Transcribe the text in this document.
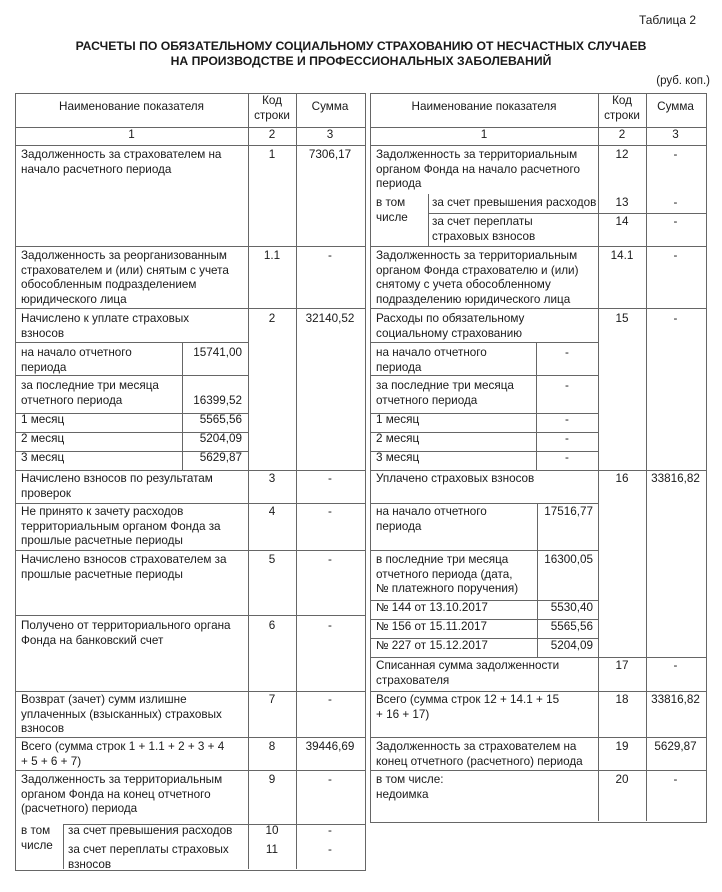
Таблица 2
РАСЧЕТЫ ПО ОБЯЗАТЕЛЬНОМУ СОЦИАЛЬНОМУ СТРАХОВАНИЮ ОТ НЕСЧАСТНЫХ СЛУЧАЕВ
НА ПРОИЗВОДСТВЕ И ПРОФЕССИОНАЛЬНЫХ ЗАБОЛЕВАНИЙ
(руб. коп.)
Наименование показателя	Код
строки
Сумма
1	2	3
Задолженность за страхователем на
начало расчетного периода
1	7306,17
Задолженность за реорганизованным
страхователем и (или) снятым с учета
обособленным подразделением
юридического лица
1.1	-
Начислено к уплате страховых
взносов
2	32140,52
на начало отчетного
периода
15741,00
за последние три месяца
отчетного периода	16399,52
1 месяц	5565,56
2 месяц	5204,09
3 месяц	5629,87
Начислено взносов по результатам
проверок
3	-
Не принято к зачету расходов
территориальным органом Фонда за
прошлые расчетные периоды
4	-
Начислено взносов страхователем за
прошлые расчетные периоды
5	-
Получено от территориального органа
Фонда на банковский счет
6	-
Возврат (зачет) сумм излишне
уплаченных (взысканных) страховых
взносов
7	-
Всего (сумма строк 1 + 1.1 + 2 + 3 + 4
+ 5 + 6 + 7)
8	39446,69
Задолженность за территориальным
органом Фонда на конец отчетного
(расчетного) периода
9	-
в том
числе
за счет превышения расходов	10	-
за счет переплаты страховых
взносов
11	-
Наименование показателя	Код
строки
Сумма
1	2	3
Задолженность за территориальным
органом Фонда на начало расчетного
периода
12	-
в том
числе
за счет превышения расходов	13	-
за счет переплаты
страховых взносов
14	-
Задолженность за территориальным
органом Фонда страхователю и (или)
снятому с учета обособленному
подразделению юридического лица
14.1	-
Расходы по обязательному
социальному страхованию
15	-
на начало отчетного
периода
-
за последние три месяца
отчетного периода
-
1 месяц	-
2 месяц	-
3 месяц	-
Уплачено страховых взносов	16	33816,82
на начало отчетного
периода
17516,77
в последние три месяца
отчетного периода (дата,
№ платежного поручения)
16300,05
№ 144 от 13.10.2017	5530,40
№ 156 от 15.11.2017	5565,56
№ 227 от 15.12.2017	5204,09
Списанная сумма задолженности
страхователя
17	-
Всего (сумма строк 12 + 14.1 + 15
+ 16 + 17)
18	33816,82
Задолженность за страхователем на
конец отчетного (расчетного) периода
19	5629,87
в том числе:
недоимка
20	-
